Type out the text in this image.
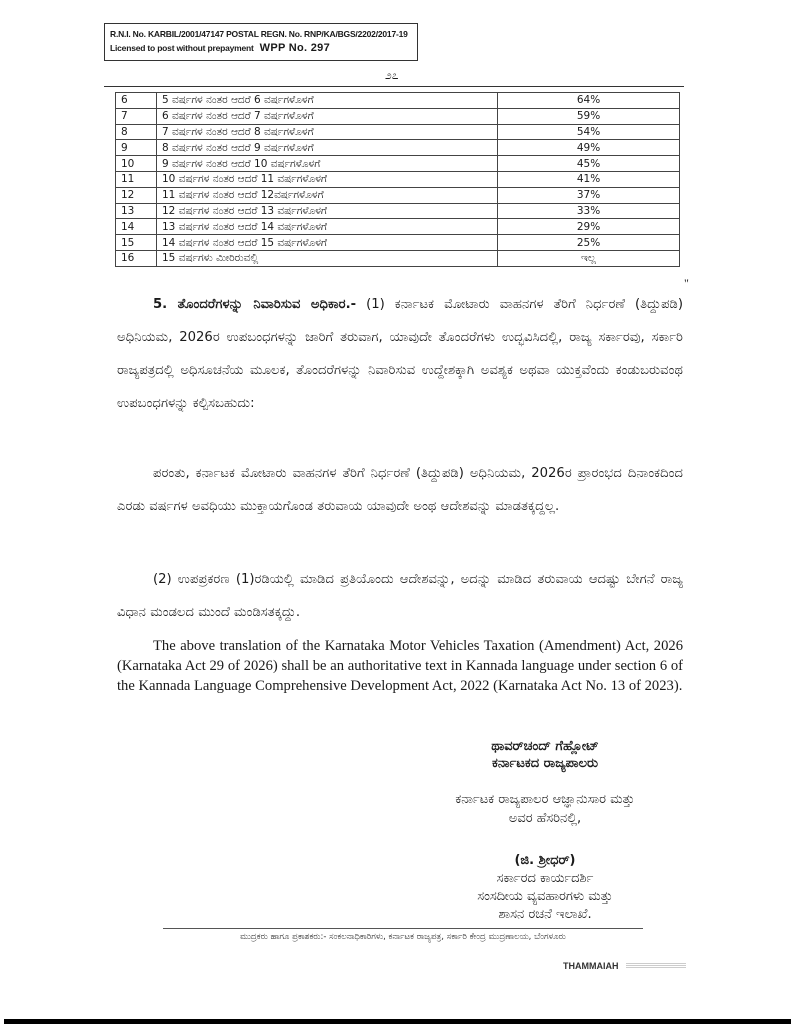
R.N.I. No. KARBIL/2001/47147 POSTAL REGN. No. RNP/KA/BGS/2202/2017-19
Licensed to post without prepayment WPP No. 297
೨೭
6	5 ವರ್ಷಗಳ ನಂತರ ಆದರೆ 6 ವರ್ಷಗಳೊಳಗೆ	64%
7	6 ವರ್ಷಗಳ ನಂತರ ಆದರೆ 7 ವರ್ಷಗಳೊಳಗೆ	59%
8	7 ವರ್ಷಗಳ ನಂತರ ಆದರೆ 8 ವರ್ಷಗಳೊಳಗೆ	54%
9	8 ವರ್ಷಗಳ ನಂತರ ಆದರೆ 9 ವರ್ಷಗಳೊಳಗೆ	49%
10	9 ವರ್ಷಗಳ ನಂತರ ಆದರೆ 10 ವರ್ಷಗಳೊಳಗೆ	45%
11	10 ವರ್ಷಗಳ ನಂತರ ಆದರೆ 11 ವರ್ಷಗಳೊಳಗೆ	41%
12	11 ವರ್ಷಗಳ ನಂತರ ಆದರೆ 12ವರ್ಷಗಳೊಳಗೆ	37%
13	12 ವರ್ಷಗಳ ನಂತರ ಆದರೆ 13 ವರ್ಷಗಳೊಳಗೆ	33%
14	13 ವರ್ಷಗಳ ನಂತರ ಆದರೆ 14 ವರ್ಷಗಳೊಳಗೆ	29%
15	14 ವರ್ಷಗಳ ನಂತರ ಆದರೆ 15 ವರ್ಷಗಳೊಳಗೆ	25%
16	15 ವರ್ಷಗಳು ಮೀರಿರುವಲ್ಲಿ	ಇಲ್ಲ
"
5. ತೊಂದರೆಗಳನ್ನು ನಿವಾರಿಸುವ ಅಧಿಕಾರ.- (1) ಕರ್ನಾಟಕ ಮೋಟಾರು ವಾಹನಗಳ ತೆರಿಗೆ ನಿರ್ಧರಣೆ (ತಿದ್ದುಪಡಿ) ಅಧಿನಿಯಮ, 2026ರ ಉಪಬಂಧಗಳನ್ನು ಜಾರಿಗೆ ತರುವಾಗ, ಯಾವುದೇ ತೊಂದರೆಗಳು ಉದ್ಭವಿಸಿದಲ್ಲಿ, ರಾಜ್ಯ ಸರ್ಕಾರವು, ಸರ್ಕಾರಿ ರಾಜ್ಯಪತ್ರದಲ್ಲಿ ಅಧಿಸೂಚನೆಯ ಮೂಲಕ, ತೊಂದರೆಗಳನ್ನು ನಿವಾರಿಸುವ ಉದ್ದೇಶಕ್ಕಾಗಿ ಅವಶ್ಯಕ ಅಥವಾ ಯುಕ್ತವೆಂದು ಕಂಡುಬರುವಂಥ ಉಪಬಂಧಗಳನ್ನು ಕಲ್ಪಿಸಬಹುದು:
ಪರಂತು, ಕರ್ನಾಟಕ ಮೋಟಾರು ವಾಹನಗಳ ತೆರಿಗೆ ನಿರ್ಧರಣೆ (ತಿದ್ದುಪಡಿ) ಅಧಿನಿಯಮ, 2026ರ ಪ್ರಾರಂಭದ ದಿನಾಂಕದಿಂದ ಎರಡು ವರ್ಷಗಳ ಅವಧಿಯು ಮುಕ್ತಾಯಗೊಂಡ ತರುವಾಯ ಯಾವುದೇ ಅಂಥ ಆದೇಶವನ್ನು ಮಾಡತಕ್ಕದ್ದಲ್ಲ.
(2) ಉಪಪ್ರಕರಣ (1)ರಡಿಯಲ್ಲಿ ಮಾಡಿದ ಪ್ರತಿಯೊಂದು ಆದೇಶವನ್ನು, ಅದನ್ನು ಮಾಡಿದ ತರುವಾಯ ಆದಷ್ಟು ಬೇಗನೆ ರಾಜ್ಯ ವಿಧಾನ ಮಂಡಲದ ಮುಂದೆ ಮಂಡಿಸತಕ್ಕದ್ದು.
The above translation of the Karnataka Motor Vehicles Taxation (Amendment) Act, 2026 (Karnataka Act 29 of 2026) shall be an authoritative text in Kannada language under section 6 of the Kannada Language Comprehensive Development Act, 2022 (Karnataka Act No. 13 of 2023).
ಥಾವರ್‌ಚಂದ್ ಗೆಹ್ಲೋಟ್
ಕರ್ನಾಟಕದ ರಾಜ್ಯಪಾಲರು
ಕರ್ನಾಟಕ ರಾಜ್ಯಪಾಲರ ಆಜ್ಞಾನುಸಾರ ಮತ್ತು
ಅವರ ಹೆಸರಿನಲ್ಲಿ,
(ಜಿ. ಶ್ರೀಧರ್)
ಸರ್ಕಾರದ ಕಾರ್ಯದರ್ಶಿ
ಸಂಸದೀಯ ವ್ಯವಹಾರಗಳು ಮತ್ತು
ಶಾಸನ ರಚನೆ ಇಲಾಖೆ.
ಮುದ್ರಕರು ಹಾಗೂ ಪ್ರಕಾಶಕರು:- ಸಂಕಲನಾಧಿಕಾರಿಗಳು, ಕರ್ನಾಟಕ ರಾಜ್ಯಪತ್ರ, ಸರ್ಕಾರಿ ಕೇಂದ್ರ ಮುದ್ರಣಾಲಯ, ಬೆಂಗಳೂರು
THAMMAIAH
